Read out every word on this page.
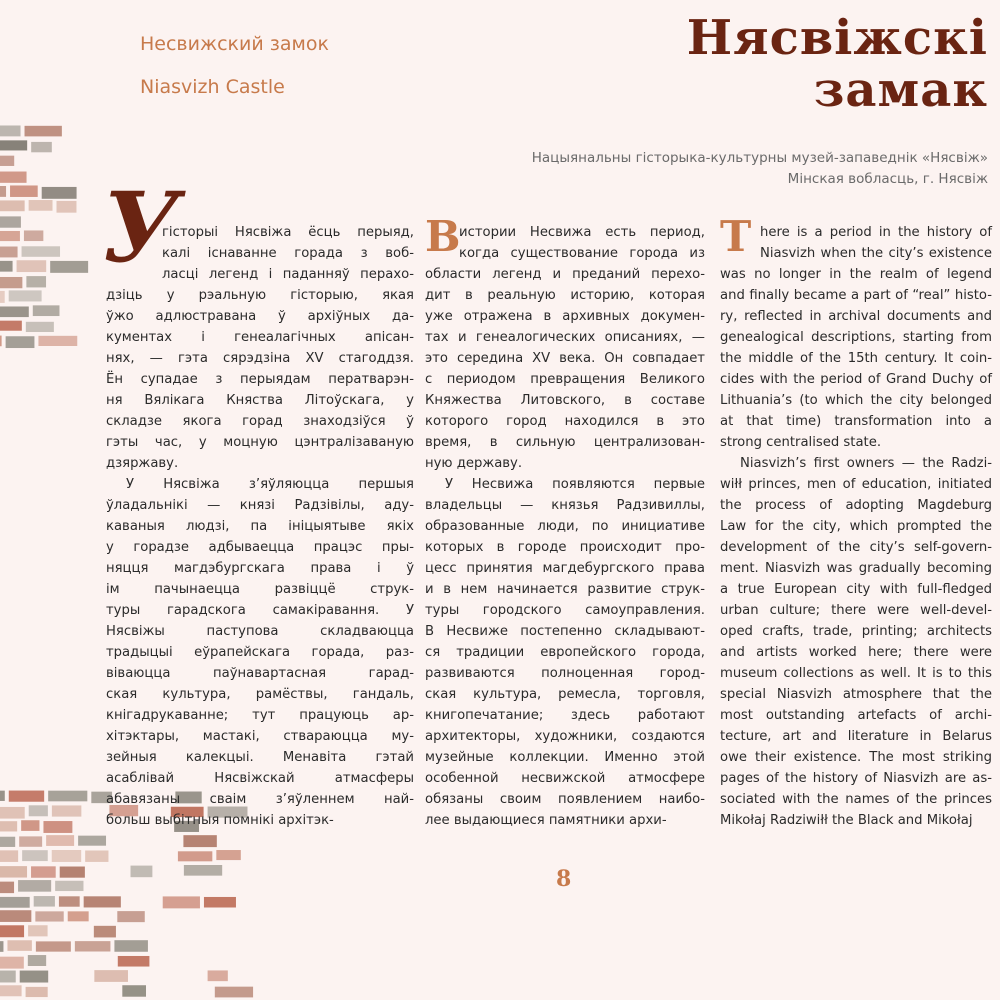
Несвижский замок
Niasvizh Castle
Нясвіжскі
замак
Нацыянальны гісторыка-культурны музей-запаведнік «Нясвіж»
Мінская вобласць, г. Нясвіж
У
гісторыі Нясвіжа ёсць перыяд,
калі існаванне горада з воб-
ласці легенд і паданняў перахо-
дзіць у рэальную гісторыю, якая
ўжо адлюстравана ў архіўных да-
кументах і генеалагічных апісан-
нях, — гэта сярэдзіна XV стагоддзя.
Ён супадае з перыядам ператварэн-
ня Вялікага Княства Літоўскага, у
складзе якога горад знаходзіўся ў
гэты час, у моцную цэнтралізаваную
дзяржаву.
У Нясвіжа з’яўляюцца першыя
ўладальнікі — князі Радзівілы, аду-
каваныя людзі, па ініцыятыве якіх
у горадзе адбываецца працэс пры-
няцця магдэбургскага права і ў
ім пачынаецца развіццё струк-
туры гарадскога самакіравання. У
Нясвіжы паступова складваюцца
традыцыі еўрапейскага горада, раз-
віваюцца паўнавартасная гарад-
ская культура, рамёствы, гандаль,
кнігадрукаванне; тут працуюць ар-
хітэктары, мастакі, ствараюцца му-
зейныя калекцыі. Менавіта гэтай
асаблівай Нясвіжскай атмасферы
абавязаны сваім з’яўленнем най-
больш выбітныя помнікі архітэк-
В
истории Несвижа есть период,
когда существование города из
области легенд и преданий перехо-
дит в реальную историю, которая
уже отражена в архивных докумен-
тах и генеалогических описаниях, —
это середина XV века. Он совпадает
с периодом превращения Великого
Княжества Литовского, в составе
которого город находился в это
время, в сильную централизован-
ную державу.
У Несвижа появляются первые
владельцы — князья Радзивиллы,
образованные люди, по инициативе
которых в городе происходит про-
цесс принятия магдебургского права
и в нем начинается развитие струк-
туры городского самоуправления.
В Несвиже постепенно складывают-
ся традиции европейского города,
развиваются полноценная город-
ская культура, ремесла, торговля,
книгопечатание; здесь работают
архитекторы, художники, создаются
музейные коллекции. Именно этой
особенной несвижской атмосфере
обязаны своим появлением наибо-
лее выдающиеся памятники архи-
T here is a period in the history of
Niasvizh when the city’s existence
was no longer in the realm of legend
and finally became a part of “real” histo-
ry, reflected in archival documents and
genealogical descriptions, starting from
the middle of the 15th century. It coin-
cides with the period of Grand Duchy of
Lithuania’s (to which the city belonged
at that time) transformation into a
strong centralised state.
Niasvizh’s first owners — the Radzi-
wiłł princes, men of education, initiated
the process of adopting Magdeburg
Law for the city, which prompted the
development of the city’s self-govern-
ment. Niasvizh was gradually becoming
a true European city with full-fledged
urban culture; there were well-devel-
oped crafts, trade, printing; architects
and artists worked here; there were
museum collections as well. It is to this
special Niasvizh atmosphere that the
most outstanding artefacts of archi-
tecture, art and literature in Belarus
owe their existence. The most striking
pages of the history of Niasvizh are as-
sociated with the names of the princes
Mikołaj Radziwiłł the Black and Mikołaj
8
